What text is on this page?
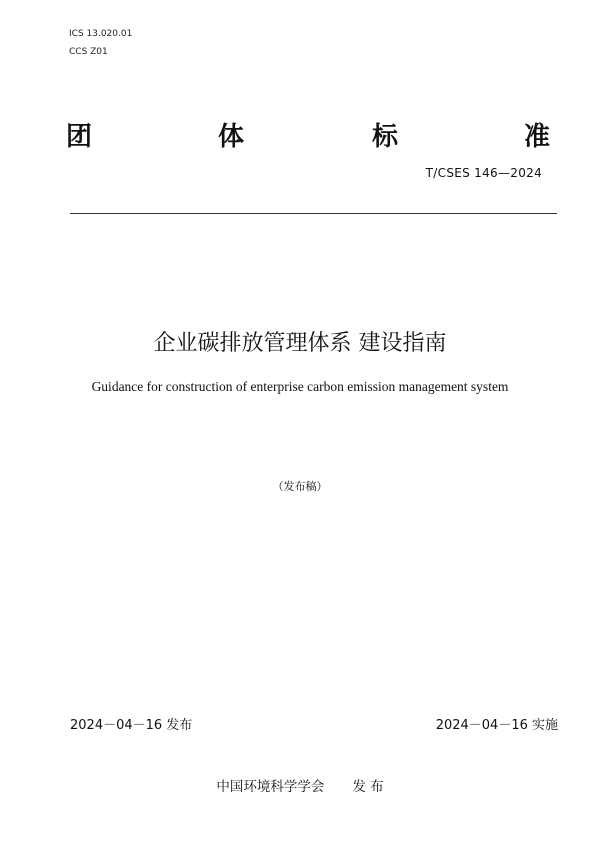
ICS 13.020.01

CCS Z01

团	体	标	准

T/CSES 146—2024

企业碳排放管理体系 建设指南

Guidance for construction of enterprise carbon emission management system

（发布稿）

2024－04－16 发布	2024－04－16 实施

中国环境科学学会 发 布
